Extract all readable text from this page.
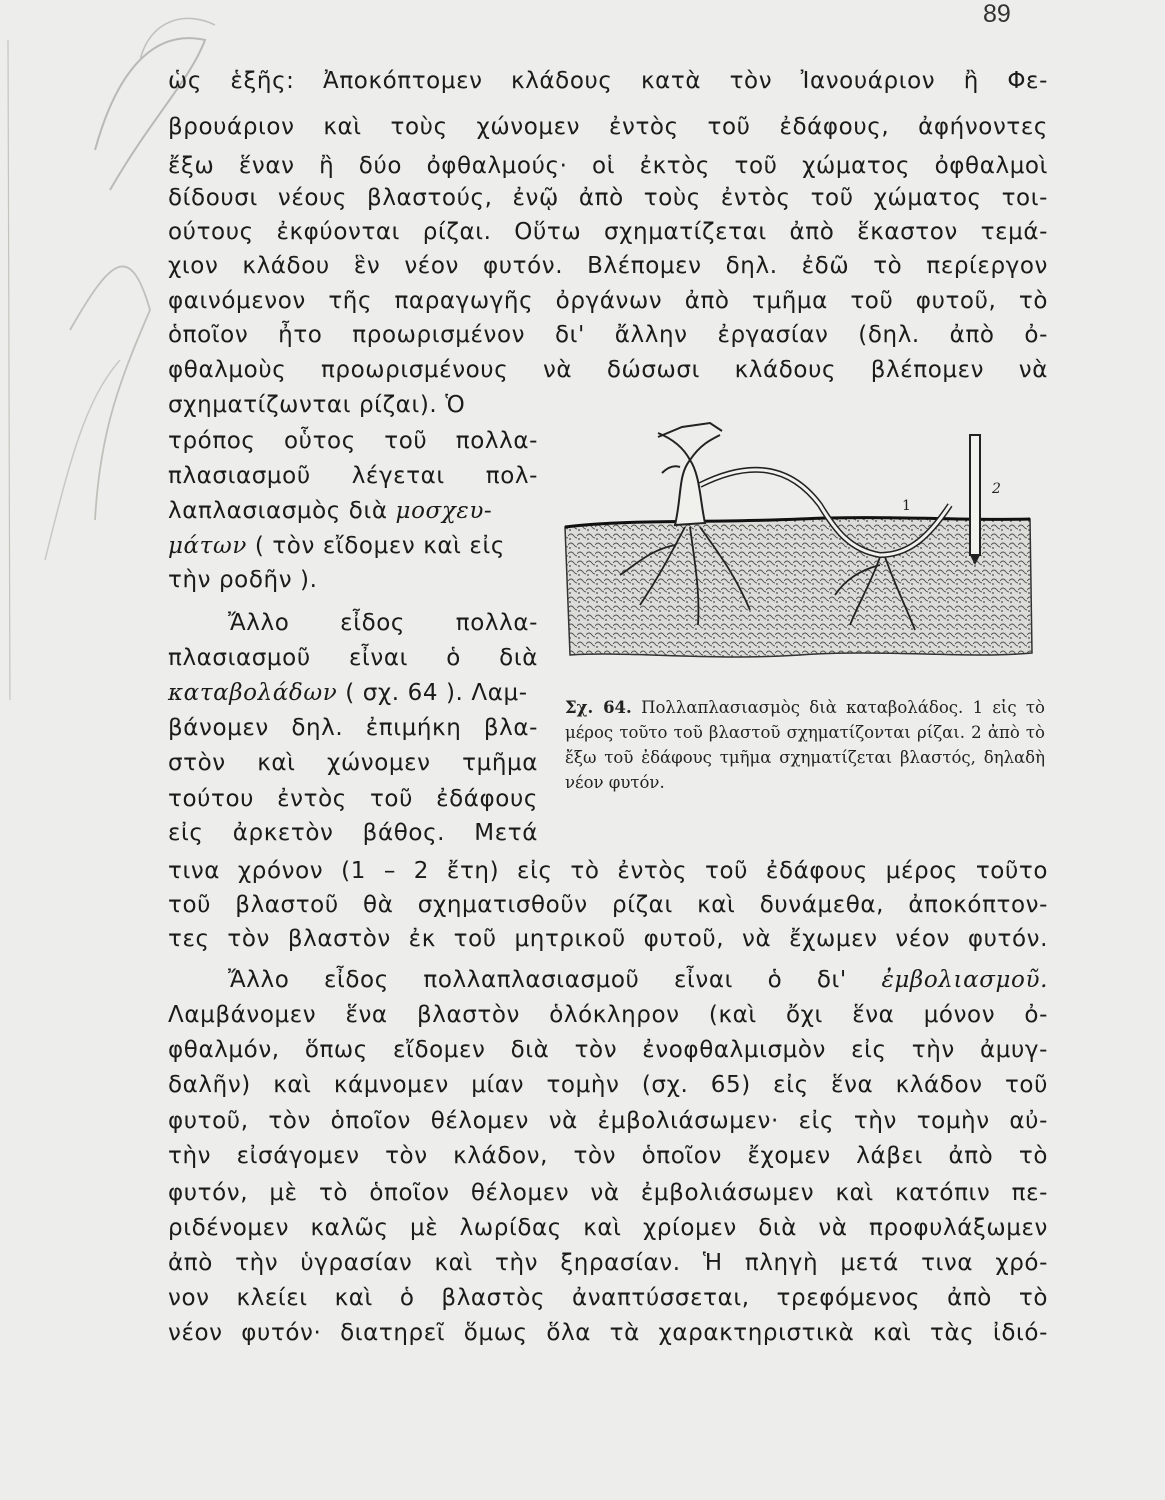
89
ὡς ἑξῆς: Ἀποκόπτομεν κλάδους κατὰ τὸν Ἰανουάριον ἢ Φε-
βρουάριον καὶ τοὺς χώνομεν ἐντὸς τοῦ ἐδάφους, ἀφήνοντες
ἔξω ἕναν ἢ δύο ὀφθαλμούς· οἱ ἐκτὸς τοῦ χώματος ὀφθαλμοὶ
δίδουσι νέους βλαστούς, ἐνῷ ἀπὸ τοὺς ἐντὸς τοῦ χώματος τοι-
ούτους ἐκφύονται ρίζαι. Οὕτω σχηματίζεται ἀπὸ ἕκαστον τεμά-
χιον κλάδου ἓν νέον φυτόν. Βλέπομεν δηλ. ἐδῶ τὸ περίεργον
φαινόμενον τῆς παραγωγῆς ὀργάνων ἀπὸ τμῆμα τοῦ φυτοῦ, τὸ
ὁποῖον ἦτο προωρισμένον δι' ἄλλην ἐργασίαν (δηλ. ἀπὸ ὀ-
φθαλμοὺς προωρισμένους νὰ δώσωσι κλάδους βλέπομεν νὰ
σχηματίζωνται ρίζαι). Ὁ
τρόπος οὗτος τοῦ πολλα-
πλασιασμοῦ λέγεται πολ-
λαπλασιασμὸς διὰ μοσχευ-
μάτων ( τὸν εἴδομεν καὶ εἰς
τὴν ροδῆν ).
Ἄλλο εἶδος πολλα-
πλασιασμοῦ εἶναι ὁ διὰ
καταβολάδων ( σχ. 64 ). Λαμ-
βάνομεν δηλ. ἐπιμήκη βλα-
στὸν καὶ χώνομεν τμῆμα
τούτου ἐντὸς τοῦ ἐδάφους
εἰς ἀρκετὸν βάθος. Μετά
τινα χρόνον (1 – 2 ἔτη) εἰς τὸ ἐντὸς τοῦ ἐδάφους μέρος τοῦτο
τοῦ βλαστοῦ θὰ σχηματισθοῦν ρίζαι καὶ δυνάμεθα, ἀποκόπτον-
τες τὸν βλαστὸν ἐκ τοῦ μητρικοῦ φυτοῦ, νὰ ἔχωμεν νέον φυτόν.
Ἄλλο εἶδος πολλαπλασιασμοῦ εἶναι ὁ δι' ἐμβολιασμοῦ.
Λαμβάνομεν ἕνα βλαστὸν ὁλόκληρον (καὶ ὄχι ἕνα μόνον ὀ-
φθαλμόν, ὅπως εἴδομεν διὰ τὸν ἐνοφθαλμισμὸν εἰς τὴν ἀμυγ-
δαλῆν) καὶ κάμνομεν μίαν τομὴν (σχ. 65) εἰς ἕνα κλάδον τοῦ
φυτοῦ, τὸν ὁποῖον θέλομεν νὰ ἐμβολιάσωμεν· εἰς τὴν τομὴν αὐ-
τὴν εἰσάγομεν τὸν κλάδον, τὸν ὁποῖον ἔχομεν λάβει ἀπὸ τὸ
φυτόν, μὲ τὸ ὁποῖον θέλομεν νὰ ἐμβολιάσωμεν καὶ κατόπιν πε-
ριδένομεν καλῶς μὲ λωρίδας καὶ χρίομεν διὰ νὰ προφυλάξωμεν
ἀπὸ τὴν ὑγρασίαν καὶ τὴν ξηρασίαν. Ἡ πληγὴ μετά τινα χρό-
νον κλείει καὶ ὁ βλαστὸς ἀναπτύσσεται, τρεφόμενος ἀπὸ τὸ
νέον φυτόν· διατηρεῖ ὅμως ὅλα τὰ χαρακτηριστικὰ καὶ τὰς ἰδιό-
1
2
Σχ. 64. Πολλαπλασιασμὸς διὰ καταβολάδος. 1 εἰς τὸ μέρος τοῦτο τοῦ βλαστοῦ σχηματίζονται ρίζαι. 2 ἀπὸ τὸ ἔξω τοῦ ἐδάφους τμῆμα σχηματίζεται βλαστός, δηλαδὴ νέον φυτόν.
